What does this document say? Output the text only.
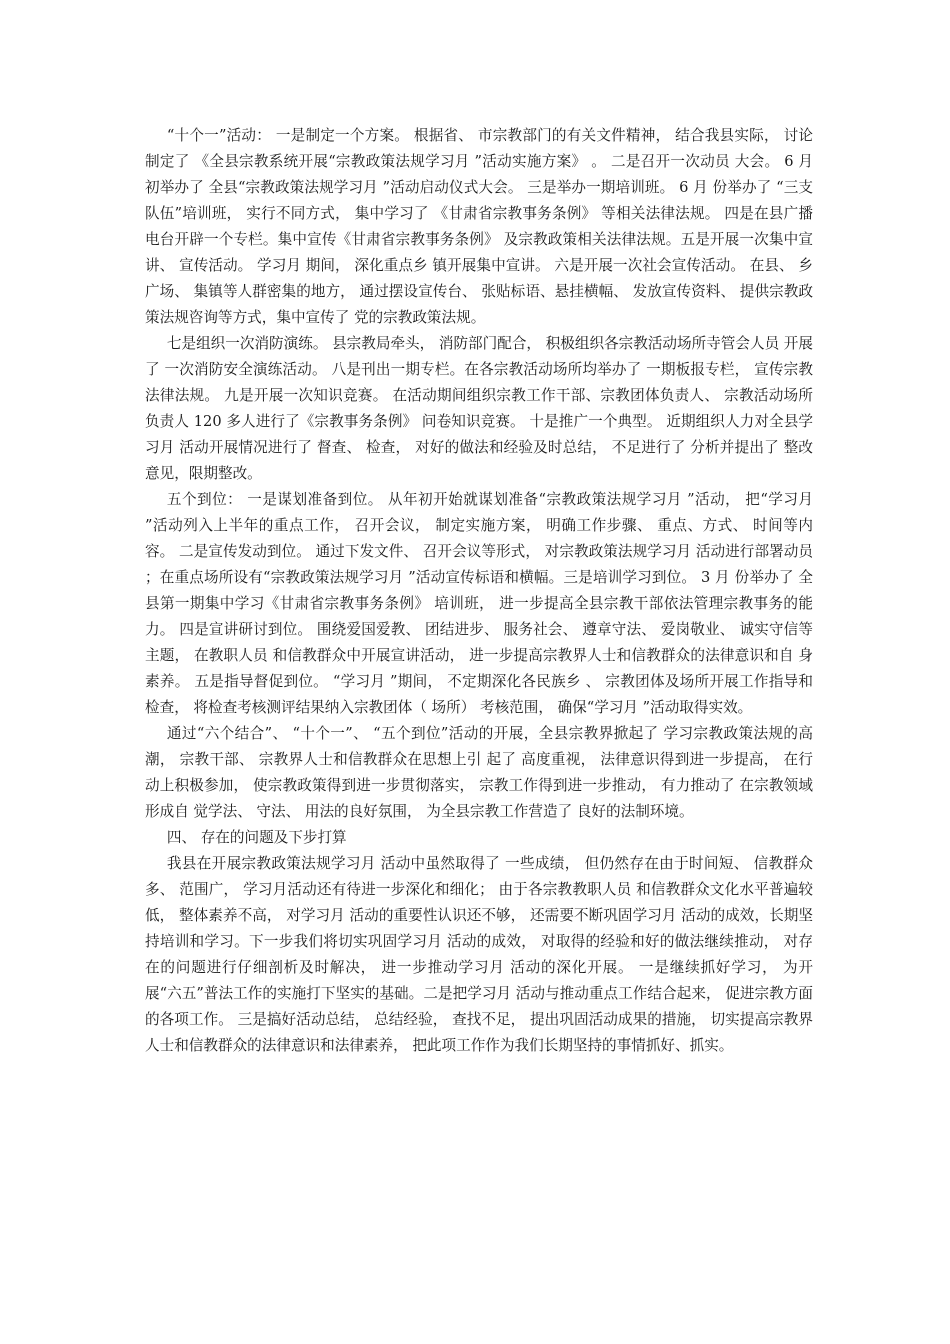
“十个一”活动： 一是制定一个方案。 根据省、 市宗教部门的有关文件精神， 结合我县实际， 讨论制定了 《全县宗教系统开展“宗教政策法规学习月 ”活动实施方案》 。 二是召开一次动员 大会。 6 月 初举办了 全县“宗教政策法规学习月 ”活动启动仪式大会。 三是举办一期培训班。 6 月 份举办了 “三支队伍”培训班， 实行不同方式， 集中学习了 《甘肃省宗教事务条例》 等相关法律法规。 四是在县广播电台开辟一个专栏。集中宣传《甘肃省宗教事务条例》 及宗教政策相关法律法规。五是开展一次集中宣讲、 宣传活动。 学习月 期间， 深化重点乡 镇开展集中宣讲。 六是开展一次社会宣传活动。 在县、 乡广场、 集镇等人群密集的地方， 通过摆设宣传台、 张贴标语、悬挂横幅、 发放宣传资料、 提供宗教政策法规咨询等方式，集中宣传了 党的宗教政策法规。

七是组织一次消防演练。 县宗教局牵头， 消防部门配合， 积极组织各宗教活动场所寺管会人员 开展了 一次消防安全演练活动。 八是刊出一期专栏。在各宗教活动场所均举办了 一期板报专栏， 宣传宗教法律法规。 九是开展一次知识竞赛。 在活动期间组织宗教工作干部、宗教团体负责人、 宗教活动场所负责人 120 多人进行了《宗教事务条例》 问卷知识竞赛。 十是推广一个典型。 近期组织人力对全县学习月 活动开展情况进行了 督查、 检查， 对好的做法和经验及时总结， 不足进行了 分析并提出了 整改意见，限期整改。

五个到位： 一是谋划准备到位。 从年初开始就谋划准备“宗教政策法规学习月 ”活动， 把“学习月 ”活动列入上半年的重点工作， 召开会议， 制定实施方案， 明确工作步骤、 重点、方式、 时间等内容。 二是宣传发动到位。 通过下发文件、 召开会议等形式， 对宗教政策法规学习月 活动进行部署动员 ；在重点场所设有“宗教政策法规学习月 ”活动宣传标语和横幅。三是培训学习到位。 3 月 份举办了 全县第一期集中学习《甘肃省宗教事务条例》 培训班， 进一步提高全县宗教干部依法管理宗教事务的能力。 四是宣讲研讨到位。 围绕爱国爱教、 团结进步、 服务社会、 遵章守法、 爱岗敬业、 诚实守信等主题， 在教职人员 和信教群众中开展宣讲活动， 进一步提高宗教界人士和信教群众的法律意识和自 身素养。 五是指导督促到位。 “学习月 ”期间， 不定期深化各民族乡 、 宗教团体及场所开展工作指导和检查， 将检查考核测评结果纳入宗教团体（ 场所） 考核范围， 确保“学习月 ”活动取得实效。

通过“六个结合”、 “十个一”、 “五个到位”活动的开展，全县宗教界掀起了 学习宗教政策法规的高潮， 宗教干部、 宗教界人士和信教群众在思想上引 起了 高度重视， 法律意识得到进一步提高， 在行动上积极参加， 使宗教政策得到进一步贯彻落实， 宗教工作得到进一步推动， 有力推动了 在宗教领域形成自 觉学法、 守法、 用法的良好氛围， 为全县宗教工作营造了 良好的法制环境。

四、 存在的问题及下步打算

我县在开展宗教政策法规学习月 活动中虽然取得了 一些成绩， 但仍然存在由于时间短、 信教群众多、 范围广， 学习月活动还有待进一步深化和细化； 由于各宗教教职人员 和信教群众文化水平普遍较低， 整体素养不高， 对学习月 活动的重要性认识还不够， 还需要不断巩固学习月 活动的成效，长期坚持培训和学习。下一步我们将切实巩固学习月 活动的成效， 对取得的经验和好的做法继续推动， 对存在的问题进行仔细剖析及时解决， 进一步推动学习月 活动的深化开展。 一是继续抓好学习， 为开展“六五”普法工作的实施打下坚实的基础。二是把学习月 活动与推动重点工作结合起来， 促进宗教方面的各项工作。 三是搞好活动总结， 总结经验， 查找不足， 提出巩固活动成果的措施， 切实提高宗教界人士和信教群众的法律意识和法律素养， 把此项工作作为我们长期坚持的事情抓好、抓实。
